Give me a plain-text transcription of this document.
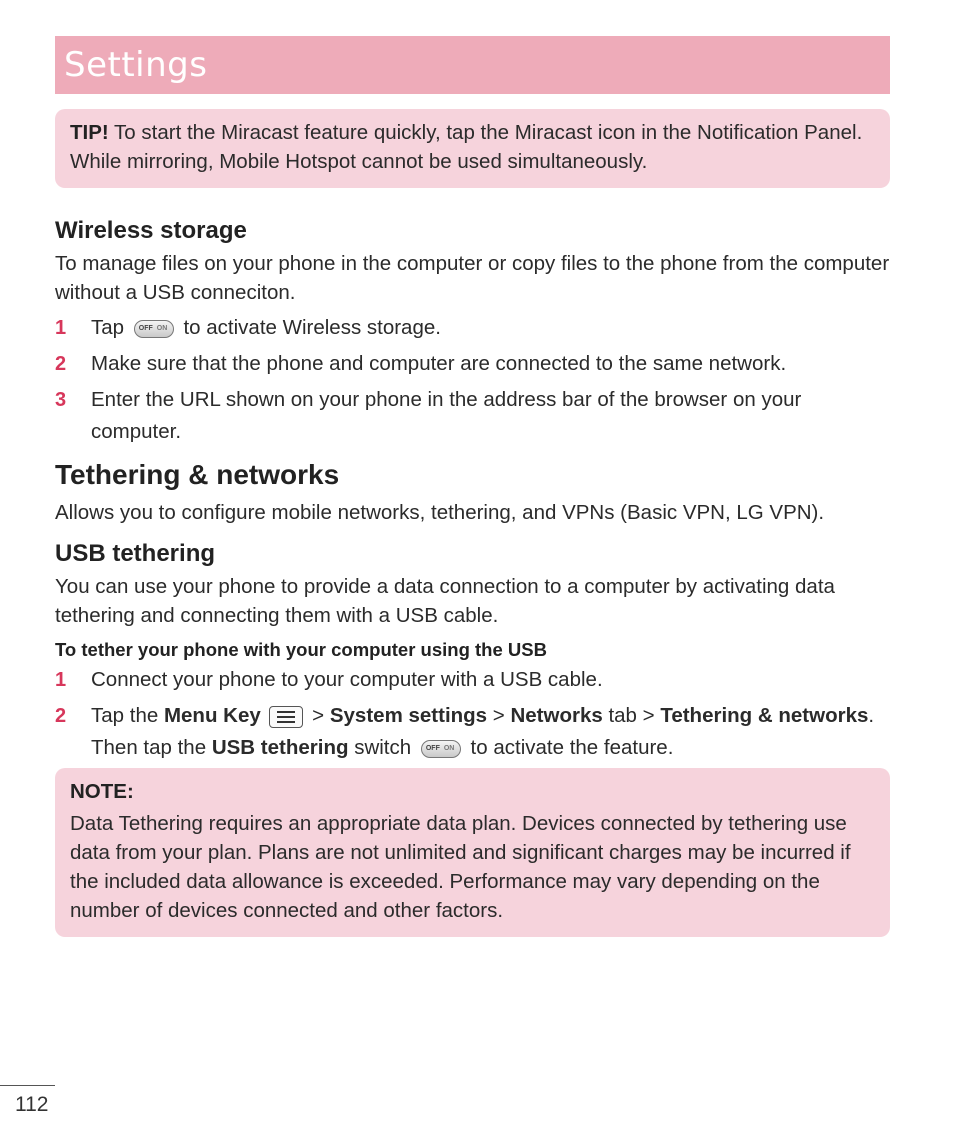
Settings
TIP! To start the Miracast feature quickly, tap the Miracast icon in the Notification Panel. While mirroring, Mobile Hotspot cannot be used simultaneously.
Wireless storage

To manage files on your phone in the computer or copy files to the phone from the computer without a USB conneciton.

1 Tap OFF ON to activate Wireless storage.
2 Make sure that the phone and computer are connected to the same network.
3 Enter the URL shown on your phone in the address bar of the browser on your computer.
Tethering & networks

Allows you to configure mobile networks, tethering, and VPNs (Basic VPN, LG VPN).

USB tethering

You can use your phone to provide a data connection to a computer by activating data tethering and connecting them with a USB cable.

To tether your phone with your computer using the USB
1 Connect your phone to your computer with a USB cable.
2 Tap the Menu Key
> System settings > Networks tab > Tethering & networks. Then tap the USB tethering switch OFF ON to activate the feature.
NOTE:
Data Tethering requires an appropriate data plan. Devices connected by tethering use data from your plan. Plans are not unlimited and significant charges may be incurred if the included data allowance is exceeded. Performance may vary depending on the number of devices connected and other factors.
112
